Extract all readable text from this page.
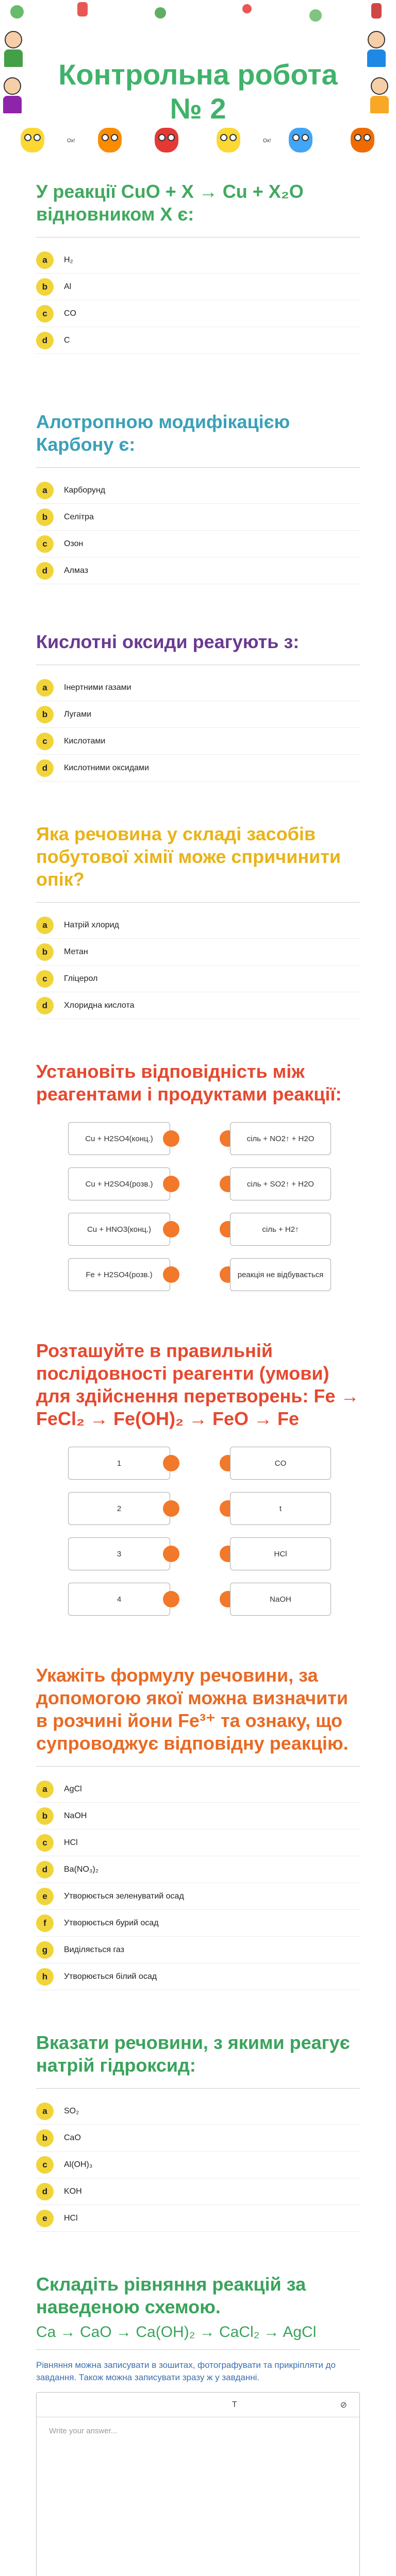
Контрольна робота
№ 2
Ох!	Ох!
У реакції CuO + X → Cu + X₂O відновником X є:
a	H₂
b	Al
c	CO
d	C
Алотропною модифікацією Карбону є:
a	Карборунд
b	Селітра
c	Озон
d	Алмаз
Кислотні оксиди реагують з:
a	Інертними газами
b	Лугами
c	Кислотами
d	Кислотними оксидами
Яка речовина у складі засобів побутової хімії може спричинити опік?
a	Натрій хлорид
b	Метан
c	Гліцерол
d	Хлоридна кислота
Установіть відповідність між реагентами і продуктами реакції:
Cu + H2SO4(конц.)	сіль + NO2↑ + H2O
Cu + H2SO4(розв.)	сіль + SO2↑ + H2O
Cu + HNO3(конц.)	сіль + H2↑
Fe + H2SO4(розв.)	реакція не відбувається
Розташуйте в правильній послідовності реагенти (умови) для здійснення перетворень: Fe → FeCl₂ → Fe(OH)₂ → FeO → Fe
1	CO
2	t
3	HCl
4	NaOH
Укажіть формулу речовини, за допомогою якої можна визначити в розчині йони Fe³⁺ та ознаку, що супроводжує відповідну реакцію.
a	AgCl
b	NaOH
c	HCl
d	Ba(NO₃)₂
e	Утворюється зеленуватий осад
f	Утворюється бурий осад
g	Виділяється газ
h	Утворюється білий осад
Вказати речовини, з якими реагує натрій гідроксид:
a	SO₂
b	CaO
c	Al(OH)₃
d	KOH
e	HCl
Складіть рівняння реакцій за наведеною схемою.
Ca → CaO → Ca(OH)₂ → CaCl₂ → AgCl
Рівняння можна записувати в зошитах, фотографувати та прикріпляти до завдання. Також можна записувати зразу ж у завданні.
T	⊘
Write your answer...
